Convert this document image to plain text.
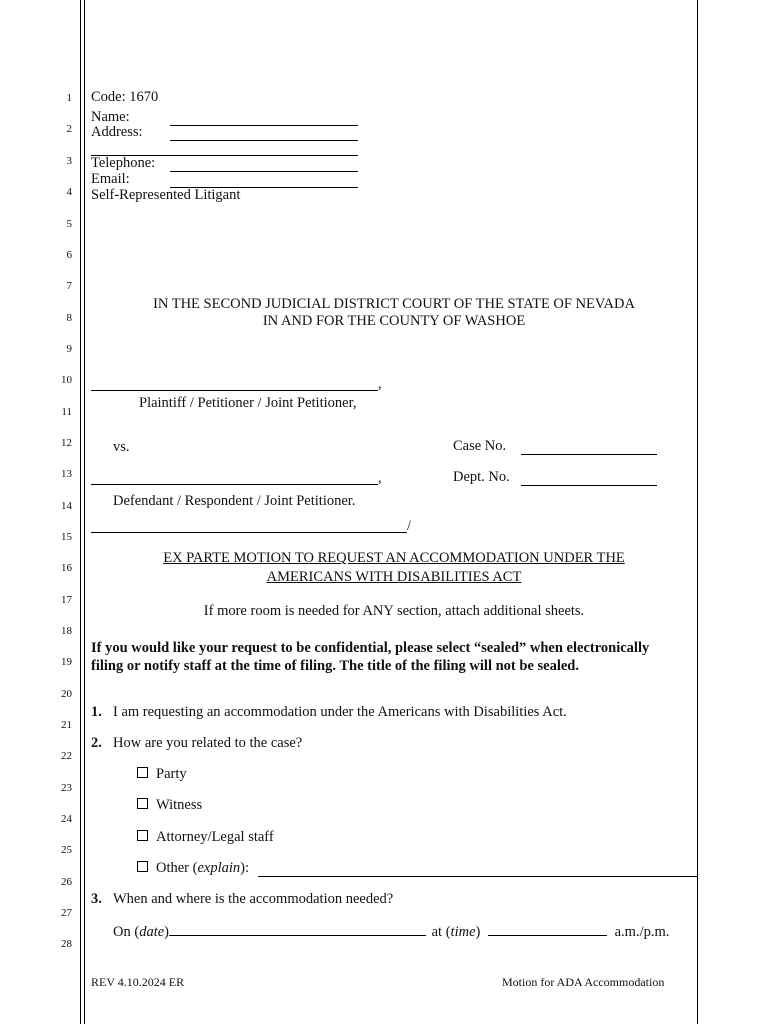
1
2
3
4
5
6
7
8
9
10
11
12
13
14
15
16
17
18
19
20
21
22
23
24
25
26
27
28
Code: 1670
Name:
Address:
Telephone:
Email:
Self-Represented Litigant
IN THE SECOND JUDICIAL DISTRICT COURT OF THE STATE OF NEVADA
IN AND FOR THE COUNTY OF WASHOE
,
Plaintiff / Petitioner / Joint Petitioner,
vs.	Case No.
,	Dept. No.
Defendant / Respondent / Joint Petitioner.
/
EX PARTE MOTION TO REQUEST AN ACCOMMODATION UNDER THE
AMERICANS WITH DISABILITIES ACT
If more room is needed for ANY section, attach additional sheets.
If you would like your request to be confidential, please select “sealed” when electronically
filing or notify staff at the time of filing. The title of the filing will not be sealed.
1. I am requesting an accommodation under the Americans with Disabilities Act.
2. How are you related to the case?
Party
Witness
Attorney/Legal staff
Other (explain):
3. When and where is the accommodation needed?
On (date)	at (time)	a.m./p.m.
REV 4.10.2024 ER	Motion for ADA Accommodation
